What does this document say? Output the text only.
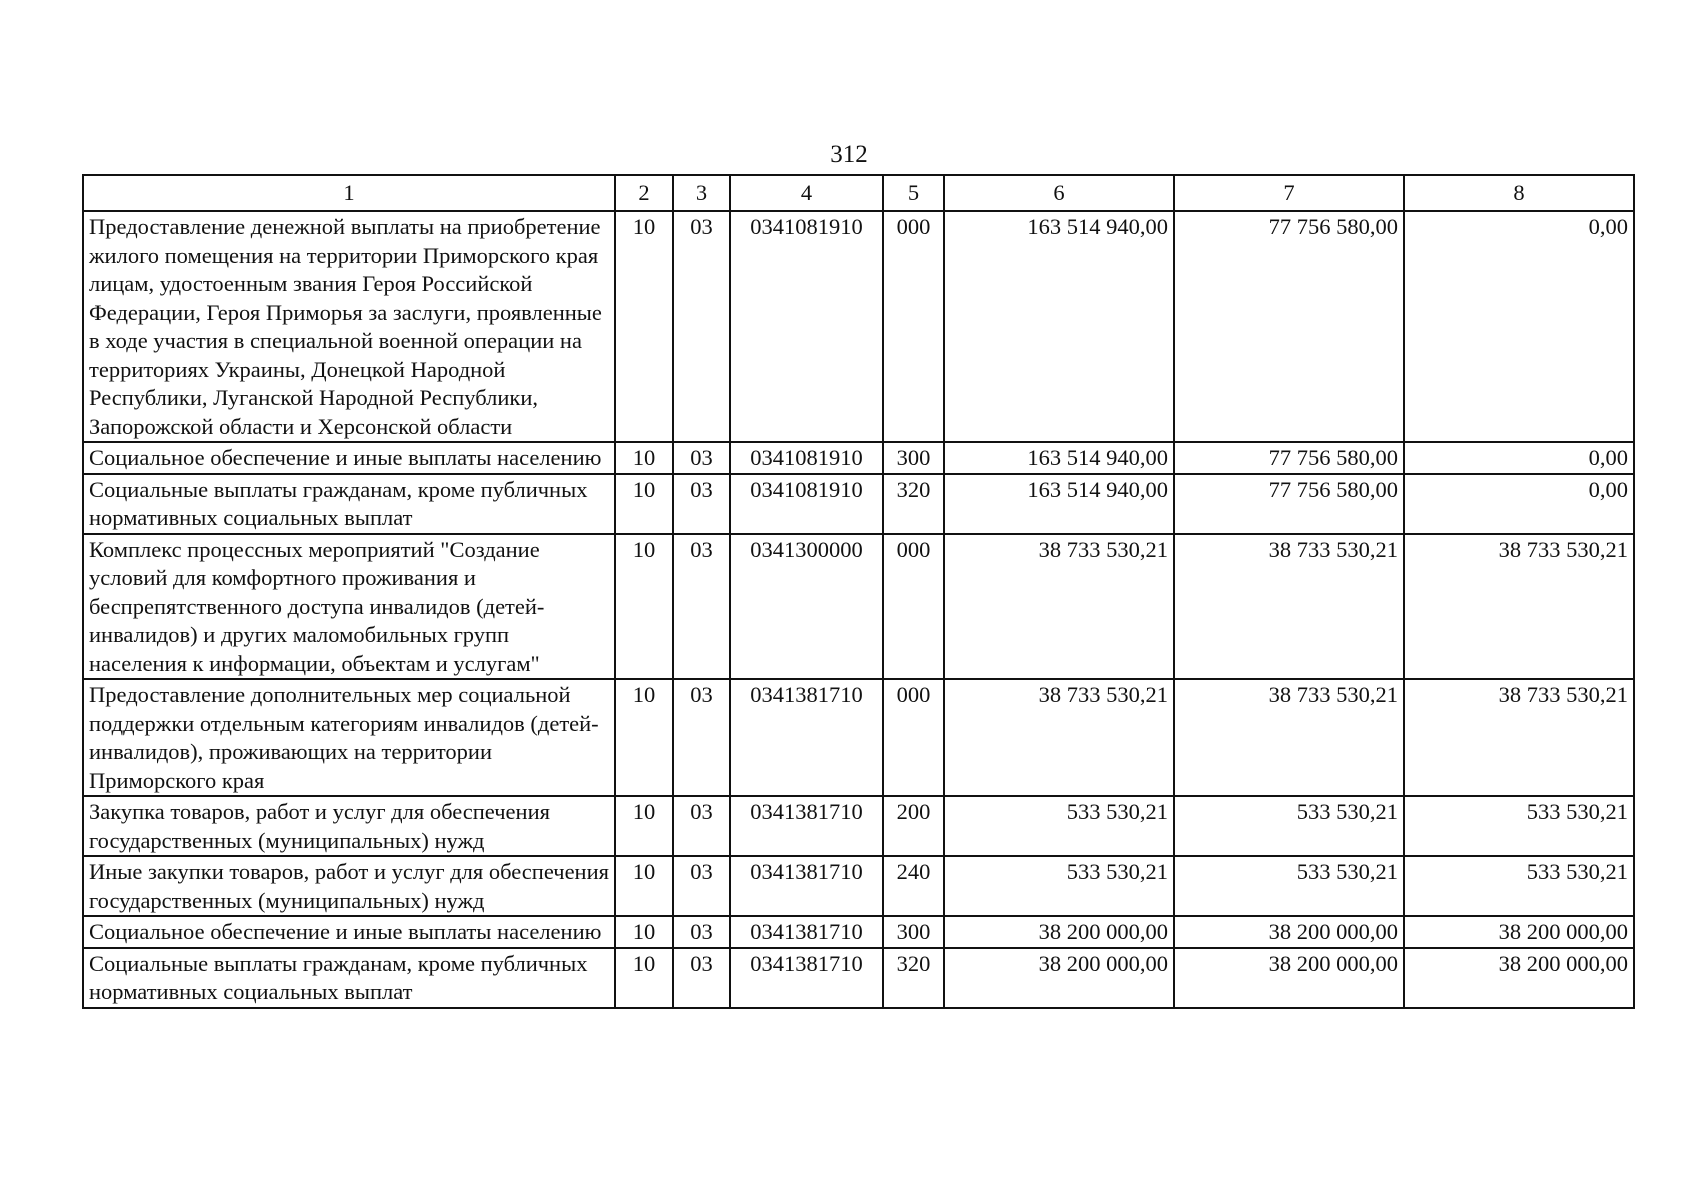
312
1	2	3	4	5	6	7	8
Предоставление денежной выплаты на приобретение жилого помещения на территории Приморского края лицам, удостоенным звания Героя Российской Федерации, Героя Приморья за заслуги, проявленные в ходе участия в специальной военной операции на территориях Украины, Донецкой Народной Республики, Луганской Народной Республики, Запорожской области и Херсонской области	10	03	0341081910	000	163 514 940,00	77 756 580,00	0,00
Социальное обеспечение и иные выплаты населению	10	03	0341081910	300	163 514 940,00	77 756 580,00	0,00
Социальные выплаты гражданам, кроме публичных нормативных социальных выплат	10	03	0341081910	320	163 514 940,00	77 756 580,00	0,00
Комплекс процессных мероприятий "Создание условий для комфортного проживания и беспрепятственного доступа инвалидов (детей-инвалидов) и других маломобильных групп населения к информации, объектам и услугам"	10	03	0341300000	000	38 733 530,21	38 733 530,21	38 733 530,21
Предоставление дополнительных мер социальной поддержки отдельным категориям инвалидов (детей-инвалидов), проживающих на территории Приморского края	10	03	0341381710	000	38 733 530,21	38 733 530,21	38 733 530,21
Закупка товаров, работ и услуг для обеспечения государственных (муниципальных) нужд	10	03	0341381710	200	533 530,21	533 530,21	533 530,21
Иные закупки товаров, работ и услуг для обеспечения государственных (муниципальных) нужд	10	03	0341381710	240	533 530,21	533 530,21	533 530,21
Социальное обеспечение и иные выплаты населению	10	03	0341381710	300	38 200 000,00	38 200 000,00	38 200 000,00
Социальные выплаты гражданам, кроме публичных нормативных социальных выплат	10	03	0341381710	320	38 200 000,00	38 200 000,00	38 200 000,00
